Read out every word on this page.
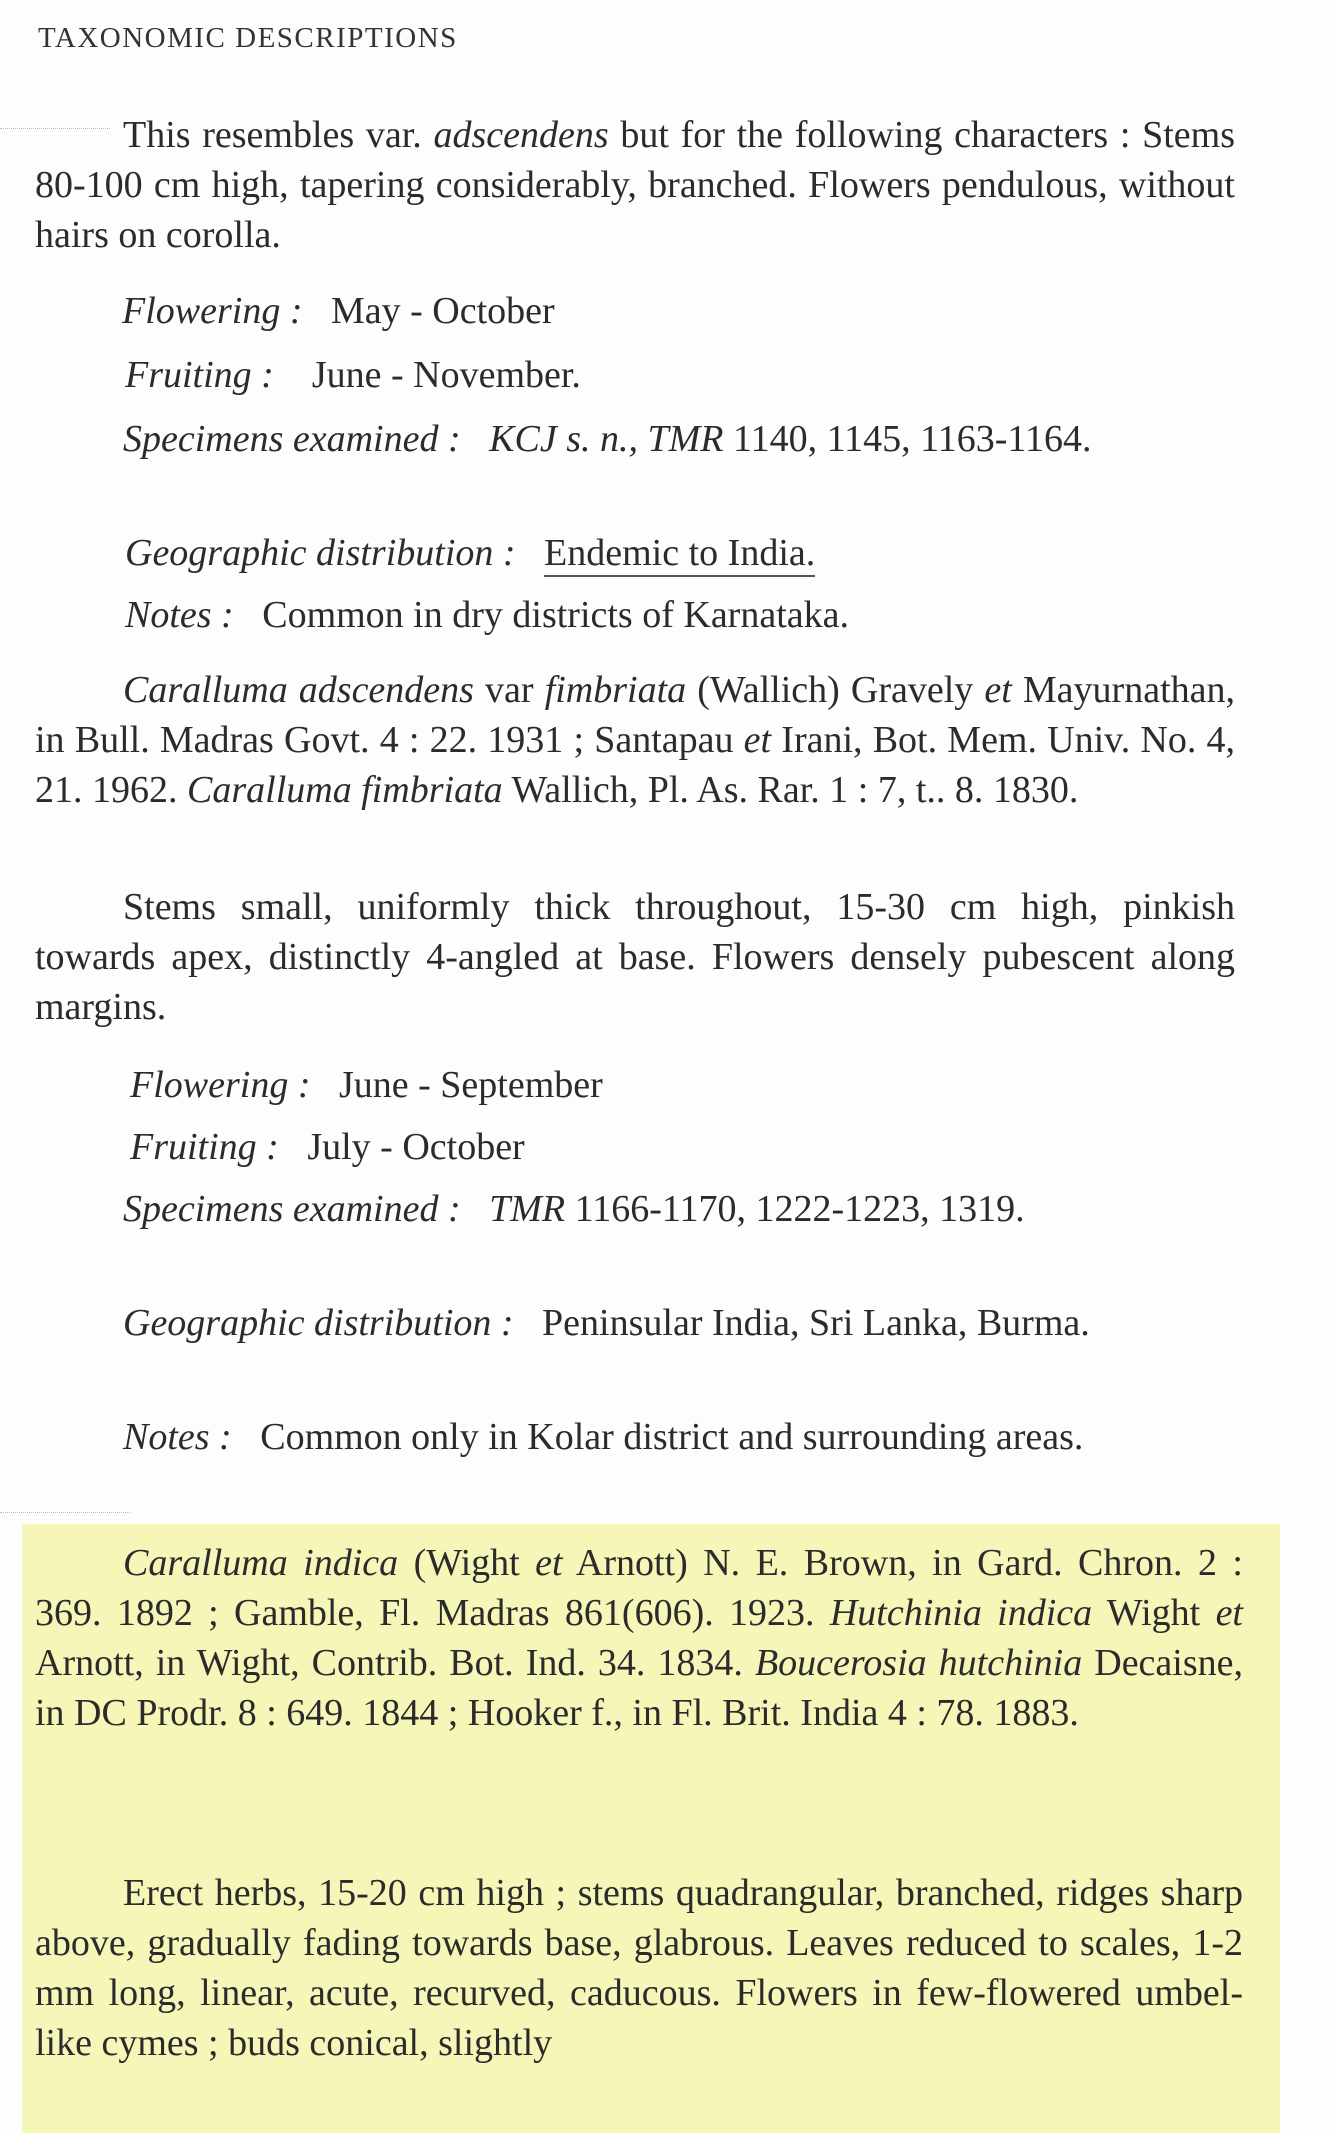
TAXONOMIC DESCRIPTIONS
This resembles var. adscendens but for the following characters : Stems 80-100 cm high, tapering considerably, branched. Flowers pendulous, without hairs on corolla.
Flowering : May - October
Fruiting : June - November.
Specimens examined : KCJ s. n., TMR 1140, 1145, 1163-1164.
Geographic distribution : Endemic to India.
Notes : Common in dry districts of Karnataka.
Caralluma adscendens var fimbriata (Wallich) Gravely et Mayurnathan, in Bull. Madras Govt. 4 : 22. 1931 ; Santapau et Irani, Bot. Mem. Univ. No. 4, 21. 1962. Caralluma fimbriata Wallich, Pl. As. Rar. 1 : 7, t.. 8. 1830.
Stems small, uniformly thick throughout, 15-30 cm high, pinkish towards apex, distinctly 4-angled at base. Flowers densely pubescent along margins.
Flowering : June - September
Fruiting : July - October
Specimens examined : TMR 1166-1170, 1222-1223, 1319.
Geographic distribution : Peninsular India, Sri Lanka, Burma.
Notes : Common only in Kolar district and surrounding areas.
Caralluma indica (Wight et Arnott) N. E. Brown, in Gard. Chron. 2 : 369. 1892 ; Gamble, Fl. Madras 861(606). 1923. Hutchinia indica Wight et Arnott, in Wight, Contrib. Bot. Ind. 34. 1834. Boucerosia hutchinia Decaisne, in DC Prodr. 8 : 649. 1844 ; Hooker f., in Fl. Brit. India 4 : 78. 1883.
Erect herbs, 15-20 cm high ; stems quadrangular, branched, ridges sharp above, gradually fading towards base, glabrous. Leaves reduced to scales, 1-2 mm long, linear, acute, recurved, caducous. Flowers in few-flowered umbel-like cymes ; buds conical, slightly
